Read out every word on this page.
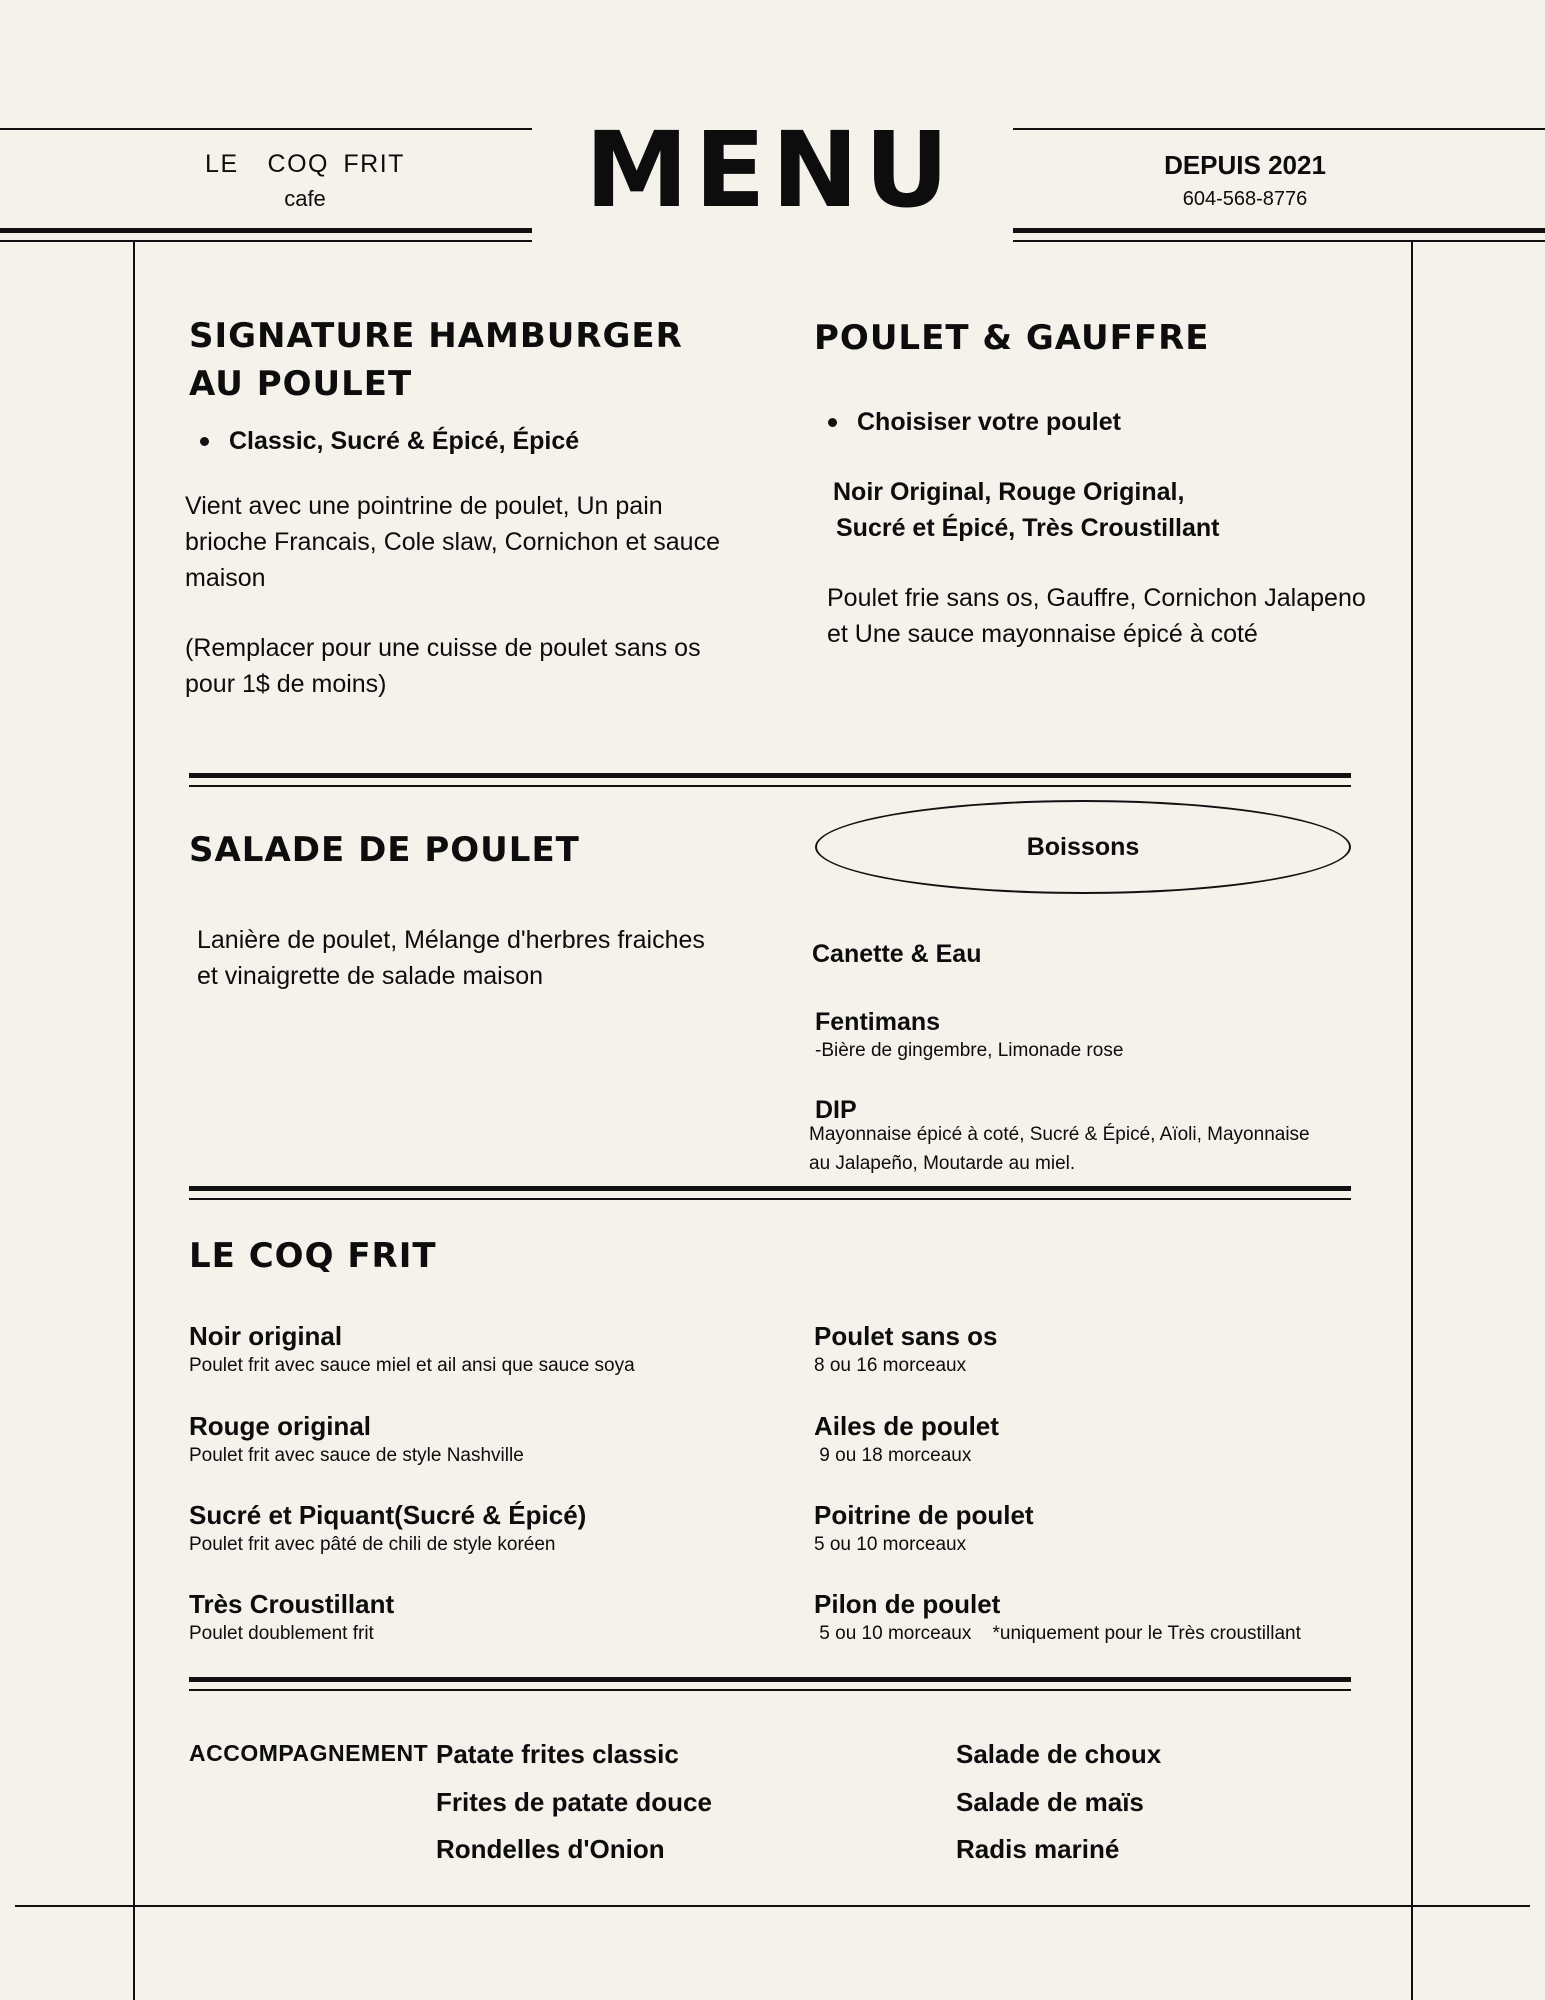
LE  COQ FRIT
cafe	MENU	DEPUIS 2021
604-568-8776
SIGNATURE HAMBURGER
AU POULET
Classic, Sucré & Épicé, Épicé
Vient avec une pointrine de poulet, Un pain
brioche Francais, Cole slaw, Cornichon et sauce
maison
(Remplacer pour une cuisse de poulet sans os
pour 1$ de moins)
POULET & GAUFFRE
Choisiser votre poulet
Noir Original, Rouge Original,
Sucré et Épicé, Très Croustillant
Poulet frie sans os, Gauffre, Cornichon Jalapeno
et Une sauce mayonnaise épicé à coté
SALADE DE POULET
Lanière de poulet, Mélange d'herbres fraiches
et vinaigrette de salade maison
Boissons
Canette & Eau
Fentimans
-Bière de gingembre, Limonade rose
DIP
Mayonnaise épicé à coté, Sucré & Épicé, Aïoli, Mayonnaise
au Jalapeño, Moutarde au miel.
LE COQ FRIT
Noir original
Poulet frit avec sauce miel et ail ansi que sauce soya
Rouge original
Poulet frit avec sauce de style Nashville
Sucré et Piquant(Sucré & Épicé)
Poulet frit avec pâté de chili de style koréen
Très Croustillant
Poulet doublement frit
Poulet sans os
8 ou 16 morceaux
Ailes de poulet
9 ou 18 morceaux
Poitrine de poulet
5 ou 10 morceaux
Pilon de poulet
5 ou 10 morceaux    *uniquement pour le Très croustillant
ACCOMPAGNEMENT Patate frites classic
Frites de patate douce
Rondelles d'Onion
Salade de choux
Salade de maïs
Radis mariné
